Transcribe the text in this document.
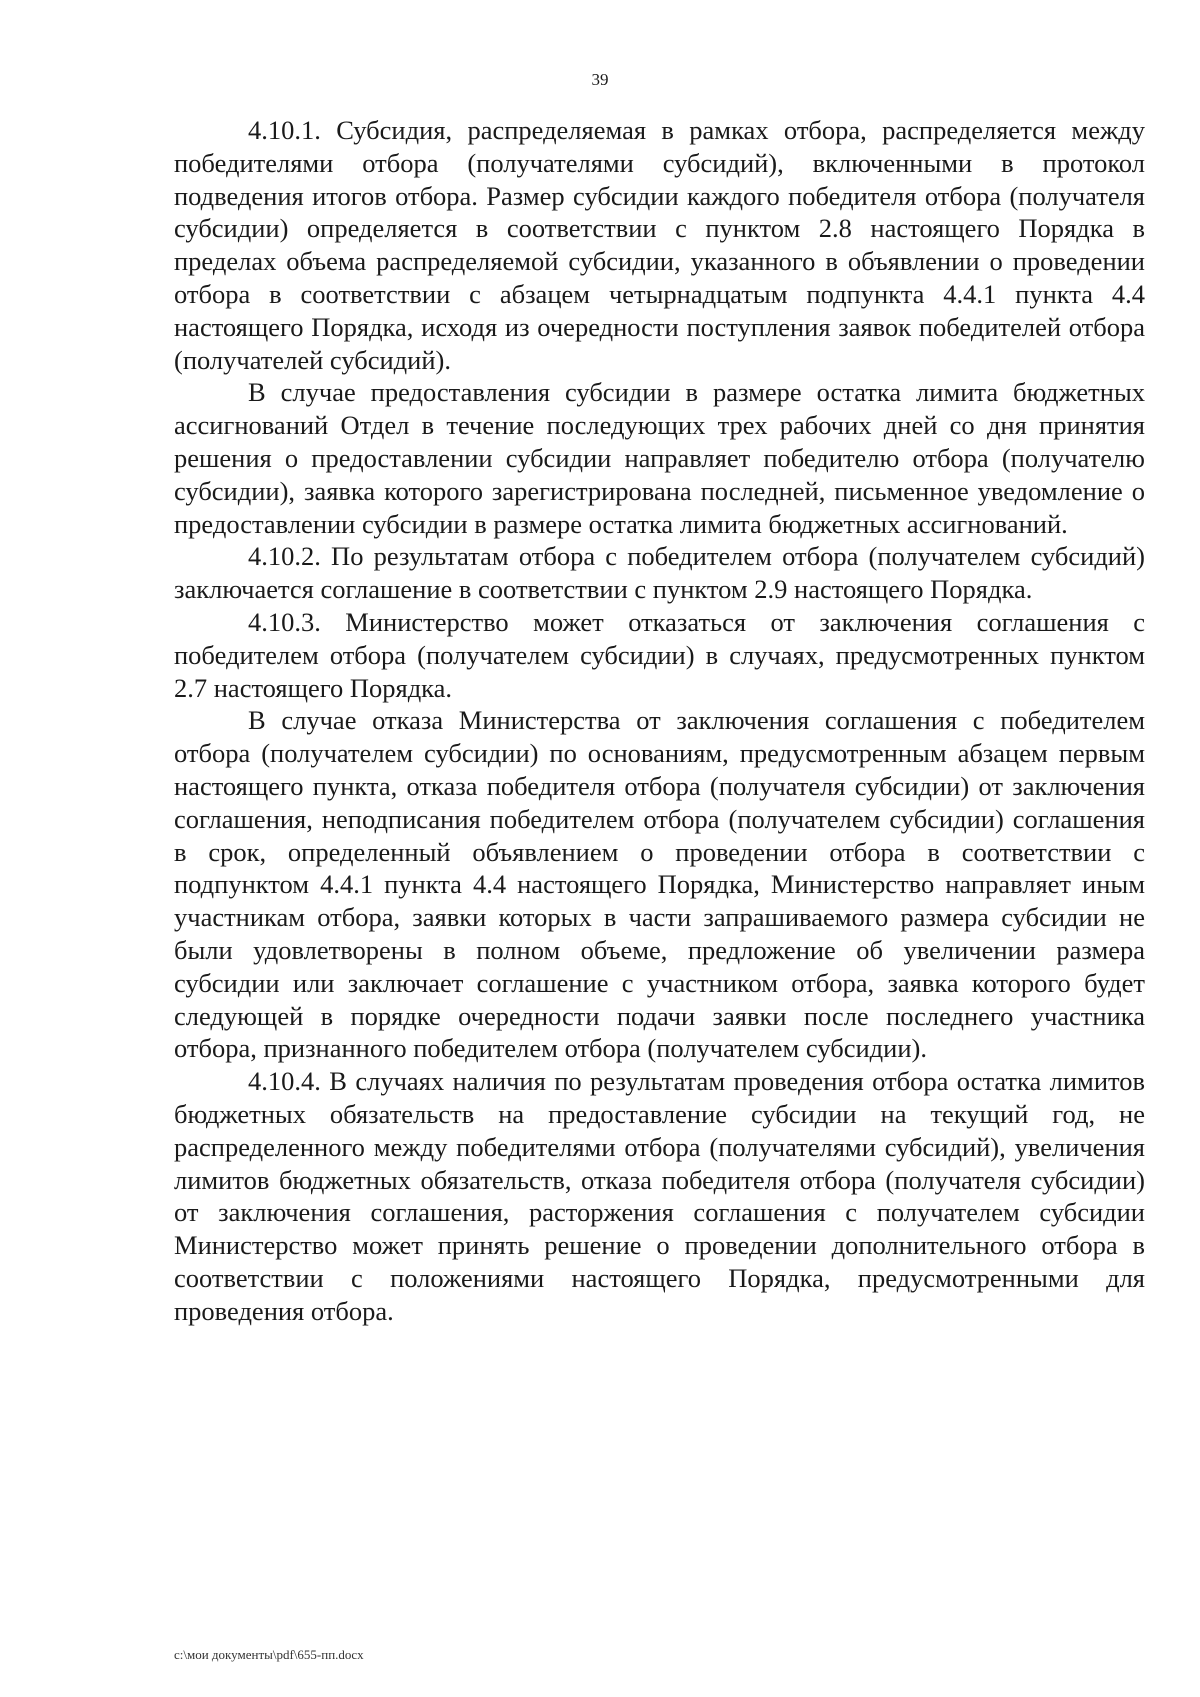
39

4.10.1. Субсидия, распределяемая в рамках отбора, распределяется между победителями отбора (получателями субсидий), включенными в протокол подведения итогов отбора. Размер субсидии каждого победителя отбора (получателя субсидии) определяется в соответствии с пунктом 2.8 настоящего Порядка в пределах объема распределяемой субсидии, указанного в объявлении о проведении отбора в соответствии с абзацем четырнадцатым подпункта 4.4.1 пункта 4.4 настоящего Порядка, исходя из очередности поступления заявок победителей отбора (получателей субсидий).

В случае предоставления субсидии в размере остатка лимита бюджетных ассигнований Отдел в течение последующих трех рабочих дней со дня принятия решения о предоставлении субсидии направляет победителю отбора (получателю субсидии), заявка которого зарегистрирована последней, письменное уведомление о предоставлении субсидии в размере остатка лимита бюджетных ассигнований.

4.10.2. По результатам отбора с победителем отбора (получателем субсидий) заключается соглашение в соответствии с пунктом 2.9 настоящего Порядка.

4.10.3. Министерство может отказаться от заключения соглашения с победителем отбора (получателем субсидии) в случаях, предусмотренных пунктом 2.7 настоящего Порядка.

В случае отказа Министерства от заключения соглашения с победителем отбора (получателем субсидии) по основаниям, предусмотренным абзацем первым настоящего пункта, отказа победителя отбора (получателя субсидии) от заключения соглашения, неподписания победителем отбора (получателем субсидии) соглашения в срок, определенный объявлением о проведении отбора в соответствии с подпунктом 4.4.1 пункта 4.4 настоящего Порядка, Министерство направляет иным участникам отбора, заявки которых в части запрашиваемого размера субсидии не были удовлетворены в полном объеме, предложение об увеличении размера субсидии или заключает соглашение с участником отбора, заявка которого будет следующей в порядке очередности подачи заявки после последнего участника отбора, признанного победителем отбора (получателем субсидии).

4.10.4. В случаях наличия по результатам проведения отбора остатка лимитов бюджетных обязательств на предоставление субсидии на текущий год, не распределенного между победителями отбора (получателями субсидий), увеличения лимитов бюджетных обязательств, отказа победителя отбора (получателя субсидии) от заключения соглашения, расторжения соглашения с получателем субсидии Министерство может принять решение о проведении дополнительного отбора в соответствии с положениями настоящего Порядка, предусмотренными для проведения отбора.

c:\мои документы\pdf\655-пп.docx
